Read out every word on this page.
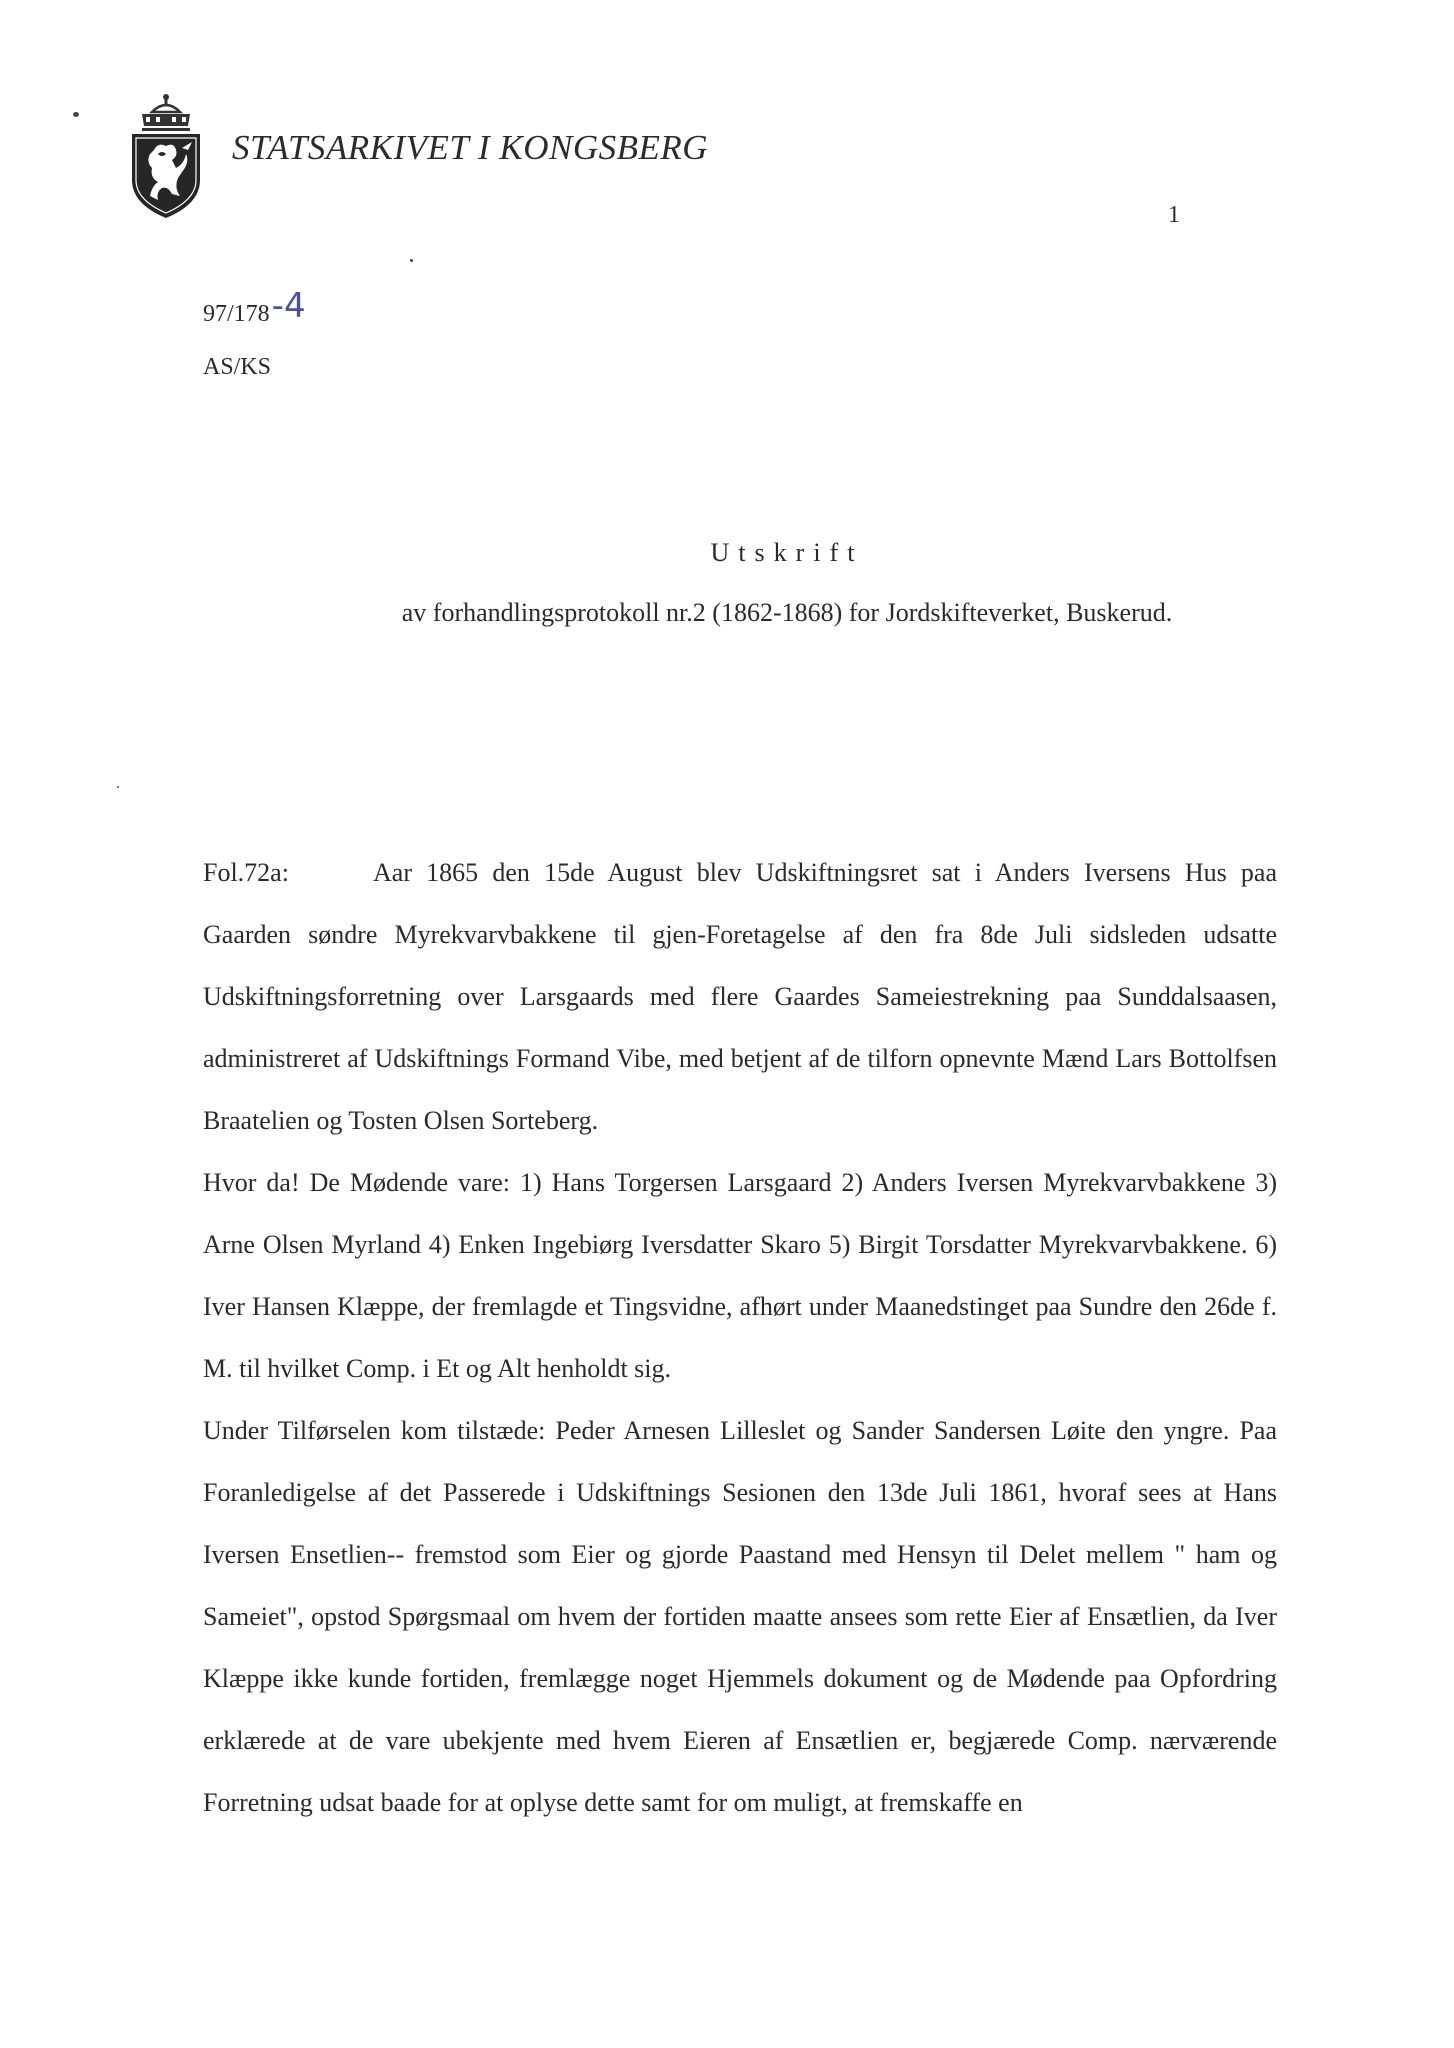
STATSARKIVET I KONGSBERG
1
97/178-4
AS/KS
Utskrift
av forhandlingsprotokoll nr.2 (1862-1868) for Jordskifteverket, Buskerud.

Fol.72a:	Aar 1865 den 15de August blev Udskiftningsret sat i Anders Iversens Hus paa Gaarden søndre Myrekvarvbakkene til gjen-Foretagelse af den fra 8de Juli sidsleden udsatte Udskiftningsforretning over Larsgaards med flere Gaardes Sameiestrekning paa Sunddalsaasen, administreret af Udskiftnings Formand Vibe, med betjent af de tilforn opnevnte Mænd Lars Bottolfsen Braatelien og Tosten Olsen Sorteberg.

Hvor da! De Mødende vare: 1) Hans Torgersen Larsgaard 2) Anders Iversen Myrekvarvbakkene 3) Arne Olsen Myrland 4) Enken Ingebiørg Iversdatter Skaro 5) Birgit Torsdatter Myrekvarvbakkene. 6) Iver Hansen Klæppe, der fremlagde et Tingsvidne, afhørt under Maanedstinget paa Sundre den 26de f. M. til hvilket Comp. i Et og Alt henholdt sig.

Under Tilførselen kom tilstæde: Peder Arnesen Lilleslet og Sander Sandersen Løite den yngre. Paa Foranledigelse af det Passerede i Udskiftnings Sesionen den 13de Juli 1861, hvoraf sees at Hans Iversen Ensetlien-- fremstod som Eier og gjorde Paastand med Hensyn til Delet mellem " ham og Sameiet", opstod Spørgsmaal om hvem der fortiden maatte ansees som rette Eier af Ensætlien, da Iver Klæppe ikke kunde fortiden, fremlægge noget Hjemmels dokument og de Mødende paa Opfordring erklærede at de vare ubekjente med hvem Eieren af Ensætlien er, begjærede Comp. nærværende Forretning udsat baade for at oplyse dette samt for om muligt, at fremskaffe en
